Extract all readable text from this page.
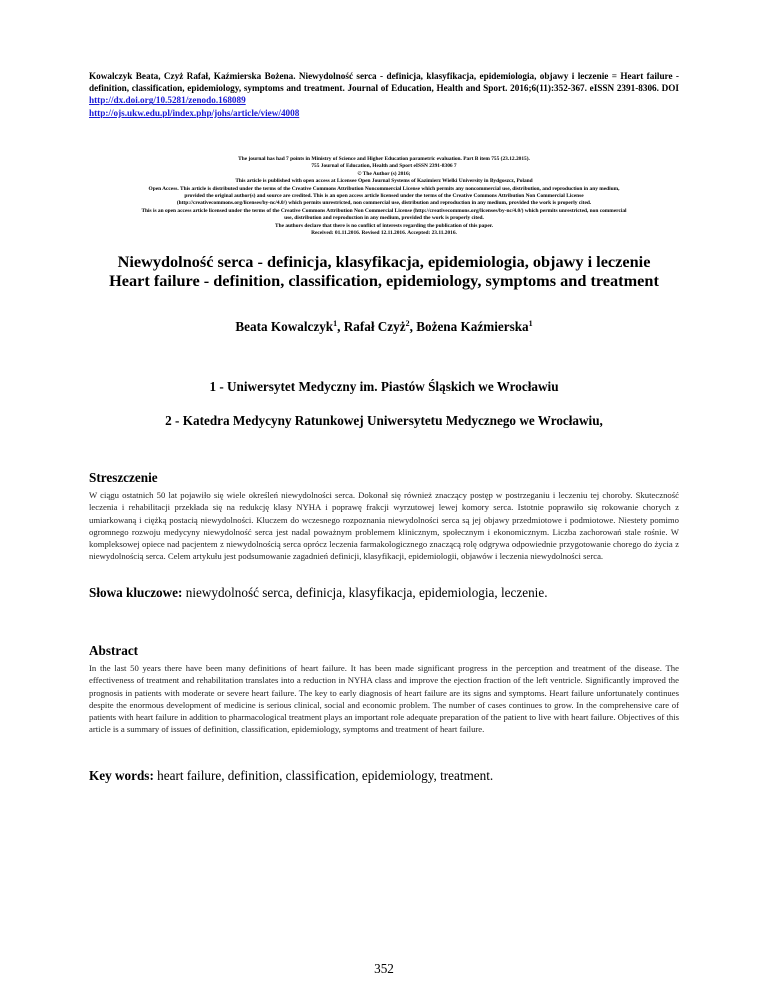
Kowalczyk Beata, Czyż Rafał, Kaźmierska Bożena. Niewydolność serca - definicja, klasyfikacja, epidemiologia, objawy i leczenie = Heart failure - definition, classification, epidemiology, symptoms and treatment. Journal of Education, Health and Sport. 2016;6(11):352-367. eISSN 2391-8306. DOI http://dx.doi.org/10.5281/zenodo.168089
http://ojs.ukw.edu.pl/index.php/johs/article/view/4008
The journal has had 7 points in Ministry of Science and Higher Education parametric evaluation. Part B item 755 (23.12.2015).
755 Journal of Education, Health and Sport eISSN 2391-8306 7
© The Author (s) 2016;
This article is published with open access at Licensee Open Journal Systems of Kazimierz Wielki University in Bydgoszcz, Poland
Open Access. This article is distributed under the terms of the Creative Commons Attribution Noncommercial License which permits any noncommercial use, distribution, and reproduction in any medium,
provided the original author(s) and source are credited. This is an open access article licensed under the terms of the Creative Commons Attribution Non Commercial License
(http://creativecommons.org/licenses/by-nc/4.0/) which permits unrestricted, non commercial use, distribution and reproduction in any medium, provided the work is properly cited.
This is an open access article licensed under the terms of the Creative Commons Attribution Non Commercial License (http://creativecommons.org/licenses/by-nc/4.0/) which permits unrestricted, non commercial
use, distribution and reproduction in any medium, provided the work is properly cited.
The authors declare that there is no conflict of interests regarding the publication of this paper.
Received: 01.11.2016. Revised 12.11.2016. Accepted: 23.11.2016.
Niewydolność serca - definicja, klasyfikacja, epidemiologia, objawy i leczenie
Heart failure - definition, classification, epidemiology, symptoms and treatment
Beata Kowalczyk$^1$, Rafał Czyż$^2$, Bożena Kaźmierska$^1$
1 - Uniwersytet Medyczny im. Piastów Śląskich we Wrocławiu
2 - Katedra Medycyny Ratunkowej Uniwersytetu Medycznego we Wrocławiu,
Streszczenie
W ciągu ostatnich 50 lat pojawiło się wiele określeń niewydolności serca. Dokonał się również znaczący postęp w postrzeganiu i leczeniu tej choroby. Skuteczność leczenia i rehabilitacji przekłada się na redukcję klasy NYHA i poprawę frakcji wyrzutowej lewej komory serca. Istotnie poprawiło się rokowanie chorych z umiarkowaną i ciężką postacią niewydolności. Kluczem do wczesnego rozpoznania niewydolności serca są jej objawy przedmiotowe i podmiotowe. Niestety pomimo ogromnego rozwoju medycyny niewydolność serca jest nadal poważnym problemem klinicznym, społecznym i ekonomicznym. Liczba zachorowań stale rośnie. W kompleksowej opiece nad pacjentem z niewydolnością serca oprócz leczenia farmakologicznego znaczącą rolę odgrywa odpowiednie przygotowanie chorego do życia z niewydolnością serca. Celem artykułu jest podsumowanie zagadnień definicji, klasyfikacji, epidemiologii, objawów i leczenia niewydolności serca.
Słowa kluczowe: niewydolność serca, definicja, klasyfikacja, epidemiologia, leczenie.
Abstract
In the last 50 years there have been many definitions of heart failure. It has been made significant progress in the perception and treatment of the disease. The effectiveness of treatment and rehabilitation translates into a reduction in NYHA class and improve the ejection fraction of the left ventricle. Significantly improved the prognosis in patients with moderate or severe heart failure. The key to early diagnosis of heart failure are its signs and symptoms. Heart failure unfortunately continues despite the enormous development of medicine is serious clinical, social and economic problem. The number of cases continues to grow. In the comprehensive care of patients with heart failure in addition to pharmacological treatment plays an important role adequate preparation of the patient to live with heart failure. Objectives of this article is a summary of issues of definition, classification, epidemiology, symptoms and treatment of heart failure.
Key words: heart failure, definition, classification, epidemiology, treatment.
352
